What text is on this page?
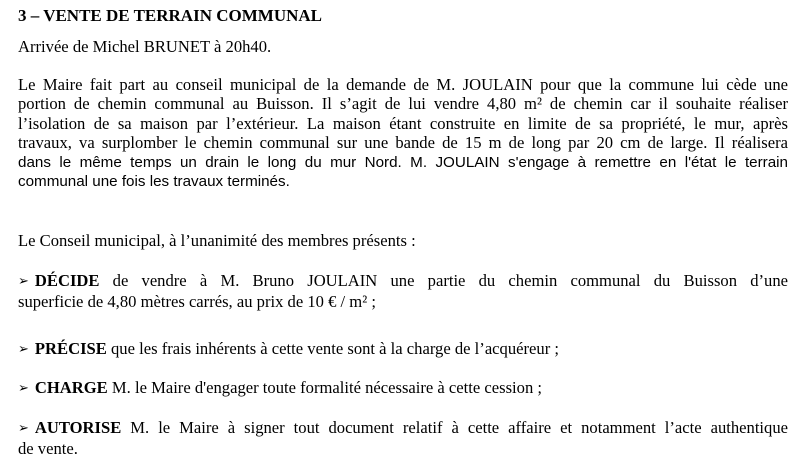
3 – VENTE DE TERRAIN COMMUNAL
Arrivée de Michel BRUNET à 20h40.
Le Maire fait part au conseil municipal de la demande de M. JOULAIN pour que la commune lui cède une
portion de chemin communal au Buisson. Il s’agit de lui vendre 4,80 m² de chemin car il souhaite réaliser
l’isolation de sa maison par l’extérieur. La maison étant construite en limite de sa propriété, le mur, après
travaux, va surplomber le chemin communal sur une bande de 15 m de long par 20 cm de large. Il réalisera
dans le même temps un drain le long du mur Nord. M. JOULAIN s'engage à remettre en l'état le terrain
communal une fois les travaux terminés.
Le Conseil municipal, à l’unanimité des membres présents :
➢ DÉCIDE de vendre à M. Bruno JOULAIN une partie du chemin communal du Buisson d’une
superficie de 4,80 mètres carrés, au prix de 10 € / m² ;
➢ PRÉCISE que les frais inhérents à cette vente sont à la charge de l’acquéreur ;
➢ CHARGE M. le Maire d'engager toute formalité nécessaire à cette cession ;
➢ AUTORISE M. le Maire à signer tout document relatif à cette affaire et notamment l’acte authentique
de vente.
